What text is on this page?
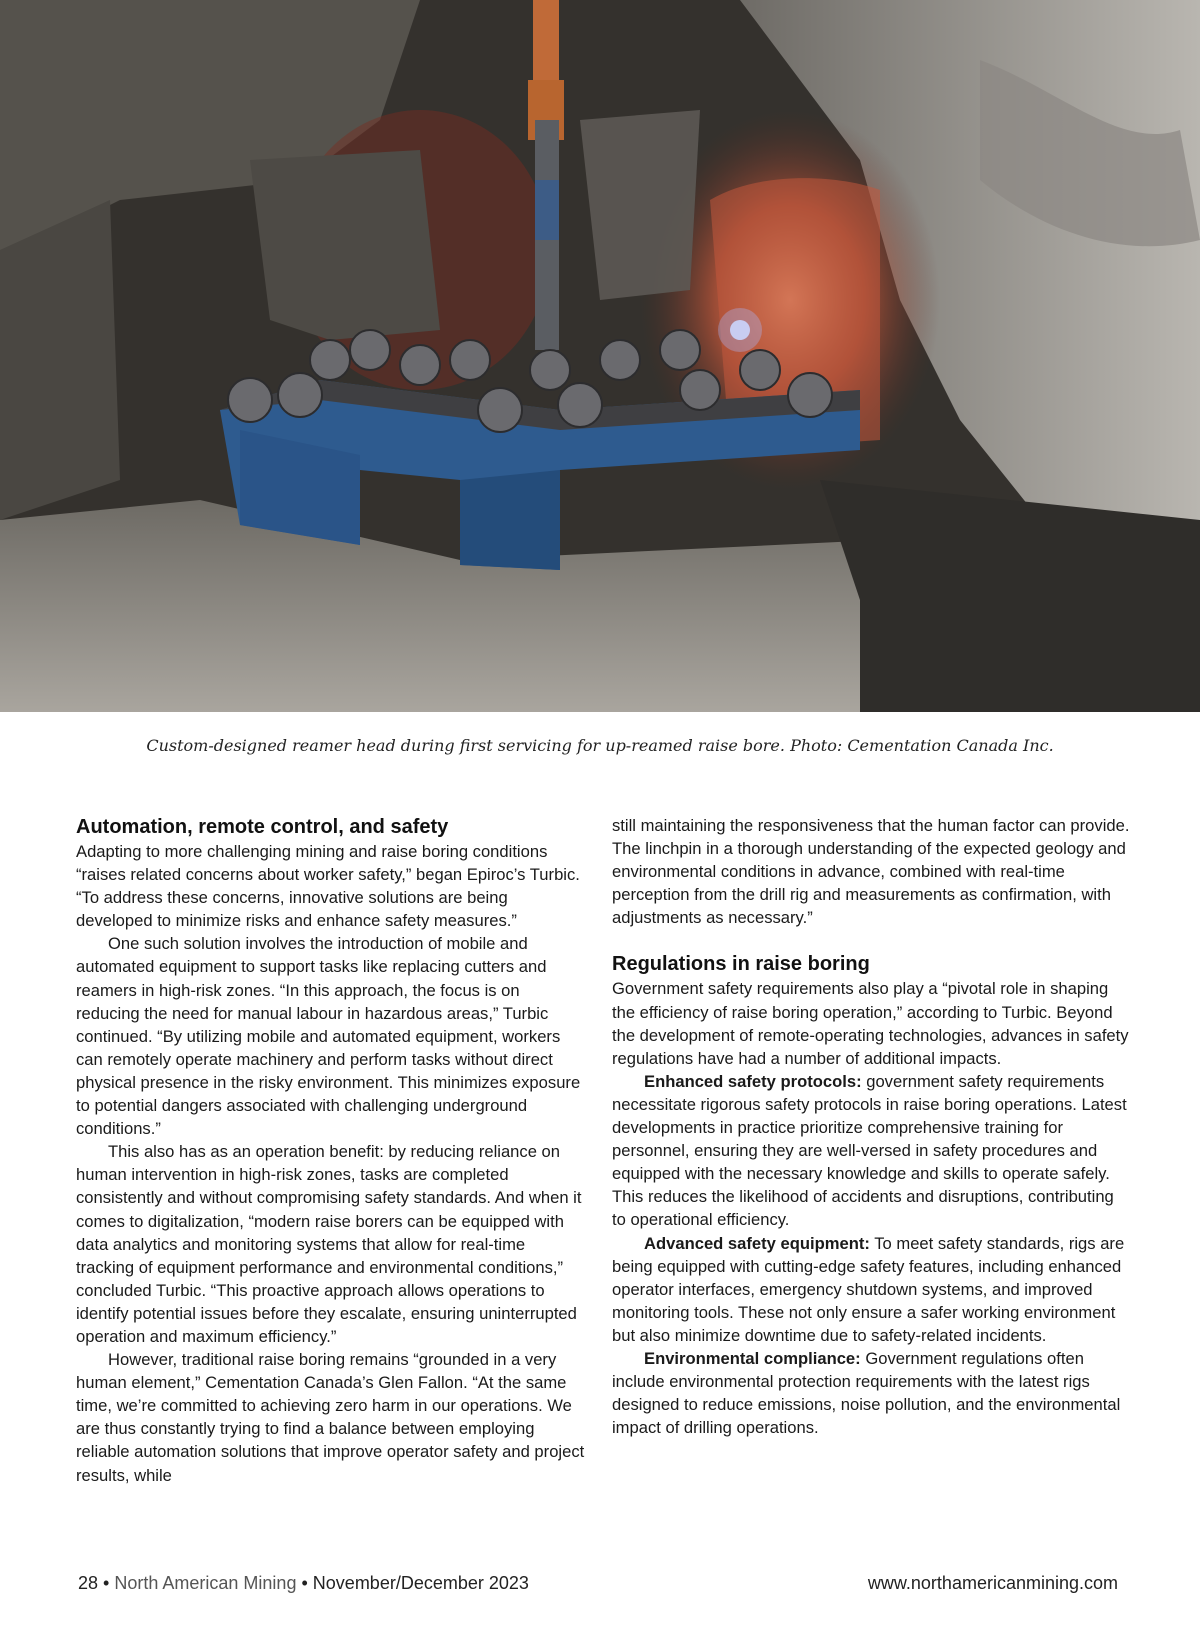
Custom-designed reamer head during first servicing for up-reamed raise bore. Photo: Cementation Canada Inc.
Automation, remote control, and safety

Adapting to more challenging mining and raise boring conditions “raises related concerns about worker safety,” began Epiroc’s Turbic. “To address these concerns, innovative solutions are being developed to minimize risks and enhance safety measures.”

One such solution involves the introduction of mobile and automated equipment to support tasks like replacing cutters and reamers in high-risk zones. “In this approach, the focus is on reducing the need for manual labour in hazardous areas,” Turbic continued. “By utilizing mobile and automated equipment, workers can remotely operate machinery and perform tasks without direct physical presence in the risky environment. This minimizes exposure to potential dangers associated with challenging underground conditions.”

This also has as an operation benefit: by reducing reliance on human intervention in high-risk zones, tasks are completed consistently and without compromising safety standards. And when it comes to digitalization, “modern raise borers can be equipped with data analytics and monitoring systems that allow for real-time tracking of equipment performance and environmental conditions,” concluded Turbic. “This proactive approach allows operations to identify potential issues before they escalate, ensuring uninterrupted operation and maximum efficiency.”

However, traditional raise boring remains “grounded in a very human element,” Cementation Canada’s Glen Fallon. “At the same time, we’re committed to achieving zero harm in our operations. We are thus constantly trying to find a balance between employing reliable automation solutions that improve operator safety and project results, while

still maintaining the responsiveness that the human factor can provide. The linchpin in a thorough understanding of the expected geology and environmental conditions in advance, combined with real-time perception from the drill rig and measurements as confirmation, with adjustments as necessary.”

Regulations in raise boring

Government safety requirements also play a “pivotal role in shaping the efficiency of raise boring operation,” according to Turbic. Beyond the development of remote-operating technologies, advances in safety regulations have had a number of additional impacts.

Enhanced safety protocols: government safety requirements necessitate rigorous safety protocols in raise boring operations. Latest developments in practice prioritize comprehensive training for personnel, ensuring they are well-versed in safety procedures and equipped with the necessary knowledge and skills to operate safely. This reduces the likelihood of accidents and disruptions, contributing to operational efficiency.

Advanced safety equipment: To meet safety standards, rigs are being equipped with cutting-edge safety features, including enhanced operator interfaces, emergency shutdown systems, and improved monitoring tools. These not only ensure a safer working environment but also minimize downtime due to safety-related incidents.

Environmental compliance: Government regulations often include environmental protection requirements with the latest rigs designed to reduce emissions, noise pollution, and the environmental impact of drilling operations.

28 • North American Mining • November/December 2023	www.northamericanmining.com
